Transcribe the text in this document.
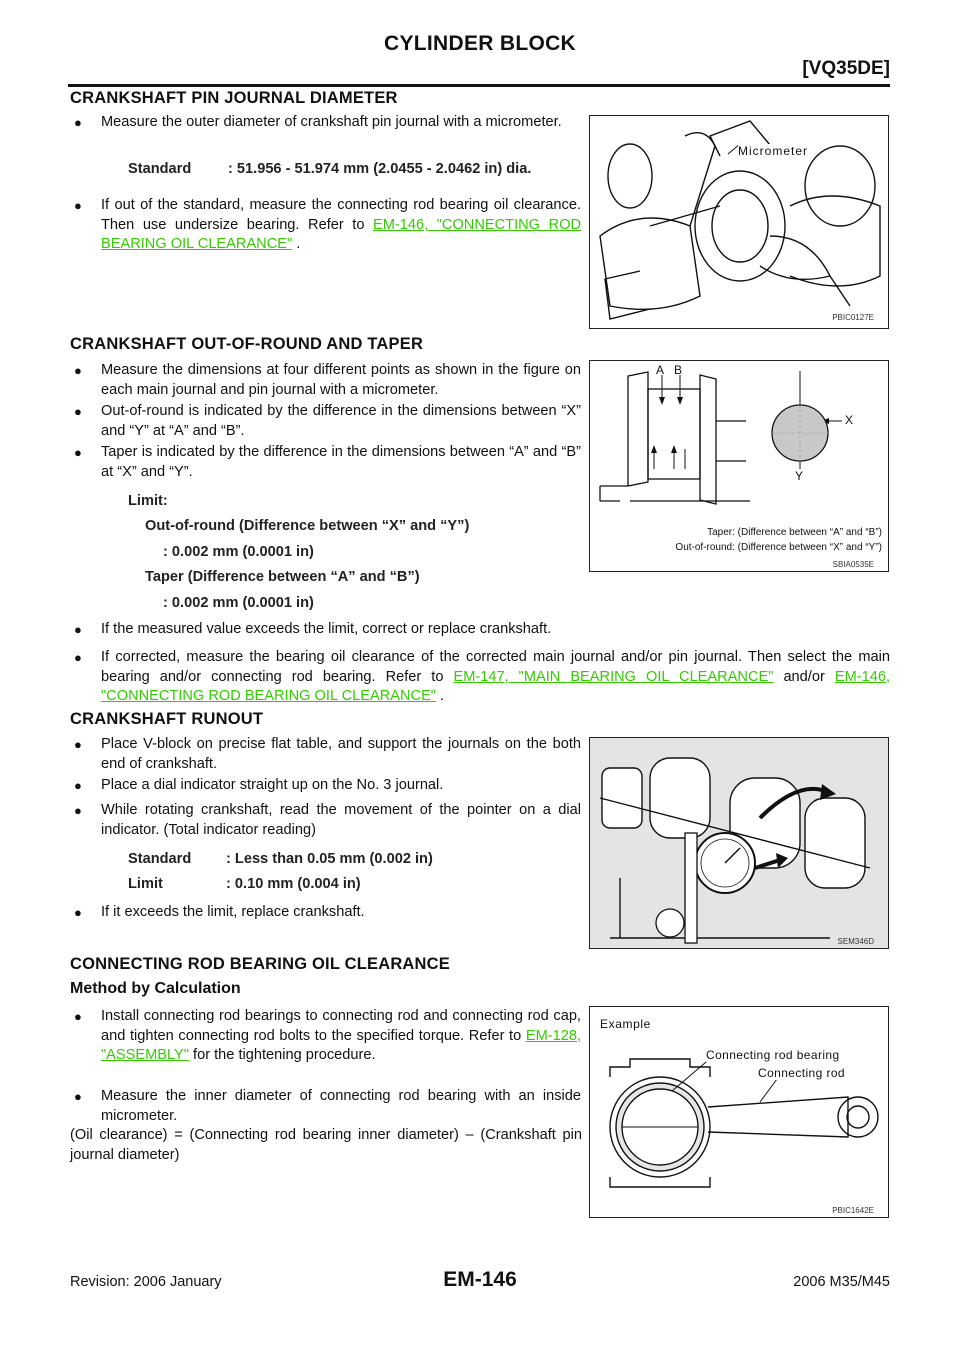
CYLINDER BLOCK
[VQ35DE]
CRANKSHAFT PIN JOURNAL DIAMETER
● Measure the outer diameter of crankshaft pin journal with a micrometer.
Standard	: 51.956 - 51.974 mm (2.0455 - 2.0462 in) dia.
● If out of the standard, measure the connecting rod bearing oil clearance. Then use undersize bearing. Refer to EM-146, "CONNECTING ROD BEARING OIL CLEARANCE" .
Micrometer
PBIC0127E
CRANKSHAFT OUT-OF-ROUND AND TAPER
● Measure the dimensions at four different points as shown in the figure on each main journal and pin journal with a micrometer.
● Out-of-round is indicated by the difference in the dimensions between “X” and “Y” at “A” and “B”.
● Taper is indicated by the difference in the dimensions between “A” and “B” at “X” and “Y”.
Limit:
Out-of-round (Difference between “X” and “Y”)
: 0.002 mm (0.0001 in)
Taper (Difference between “A” and “B”)
: 0.002 mm (0.0001 in)
A B
X
Y
Taper: (Difference between “A” and “B”)
Out-of-round: (Difference between “X” and “Y”)
SBIA0535E
● If the measured value exceeds the limit, correct or replace crankshaft.
● If corrected, measure the bearing oil clearance of the corrected main journal and/or pin journal. Then select the main bearing and/or connecting rod bearing. Refer to EM-147, "MAIN BEARING OIL CLEARANCE" and/or EM-146, "CONNECTING ROD BEARING OIL CLEARANCE" .
CRANKSHAFT RUNOUT
● Place V-block on precise flat table, and support the journals on the both end of crankshaft.
● Place a dial indicator straight up on the No. 3 journal.
● While rotating crankshaft, read the movement of the pointer on a dial indicator. (Total indicator reading)
Standard : Less than 0.05 mm (0.002 in)
Limit	: 0.10 mm (0.004 in)
● If it exceeds the limit, replace crankshaft.
SEM346D
CONNECTING ROD BEARING OIL CLEARANCE
Method by Calculation
● Install connecting rod bearings to connecting rod and connecting rod cap, and tighten connecting rod bolts to the specified torque. Refer to EM-128, "ASSEMBLY" for the tightening procedure.
● Measure the inner diameter of connecting rod bearing with an inside micrometer.
(Oil clearance) = (Connecting rod bearing inner diameter) – (Crankshaft pin journal diameter)
Example
Connecting rod bearing
Connecting rod
PBIC1642E
Revision: 2006 January	EM-146	2006 M35/M45
